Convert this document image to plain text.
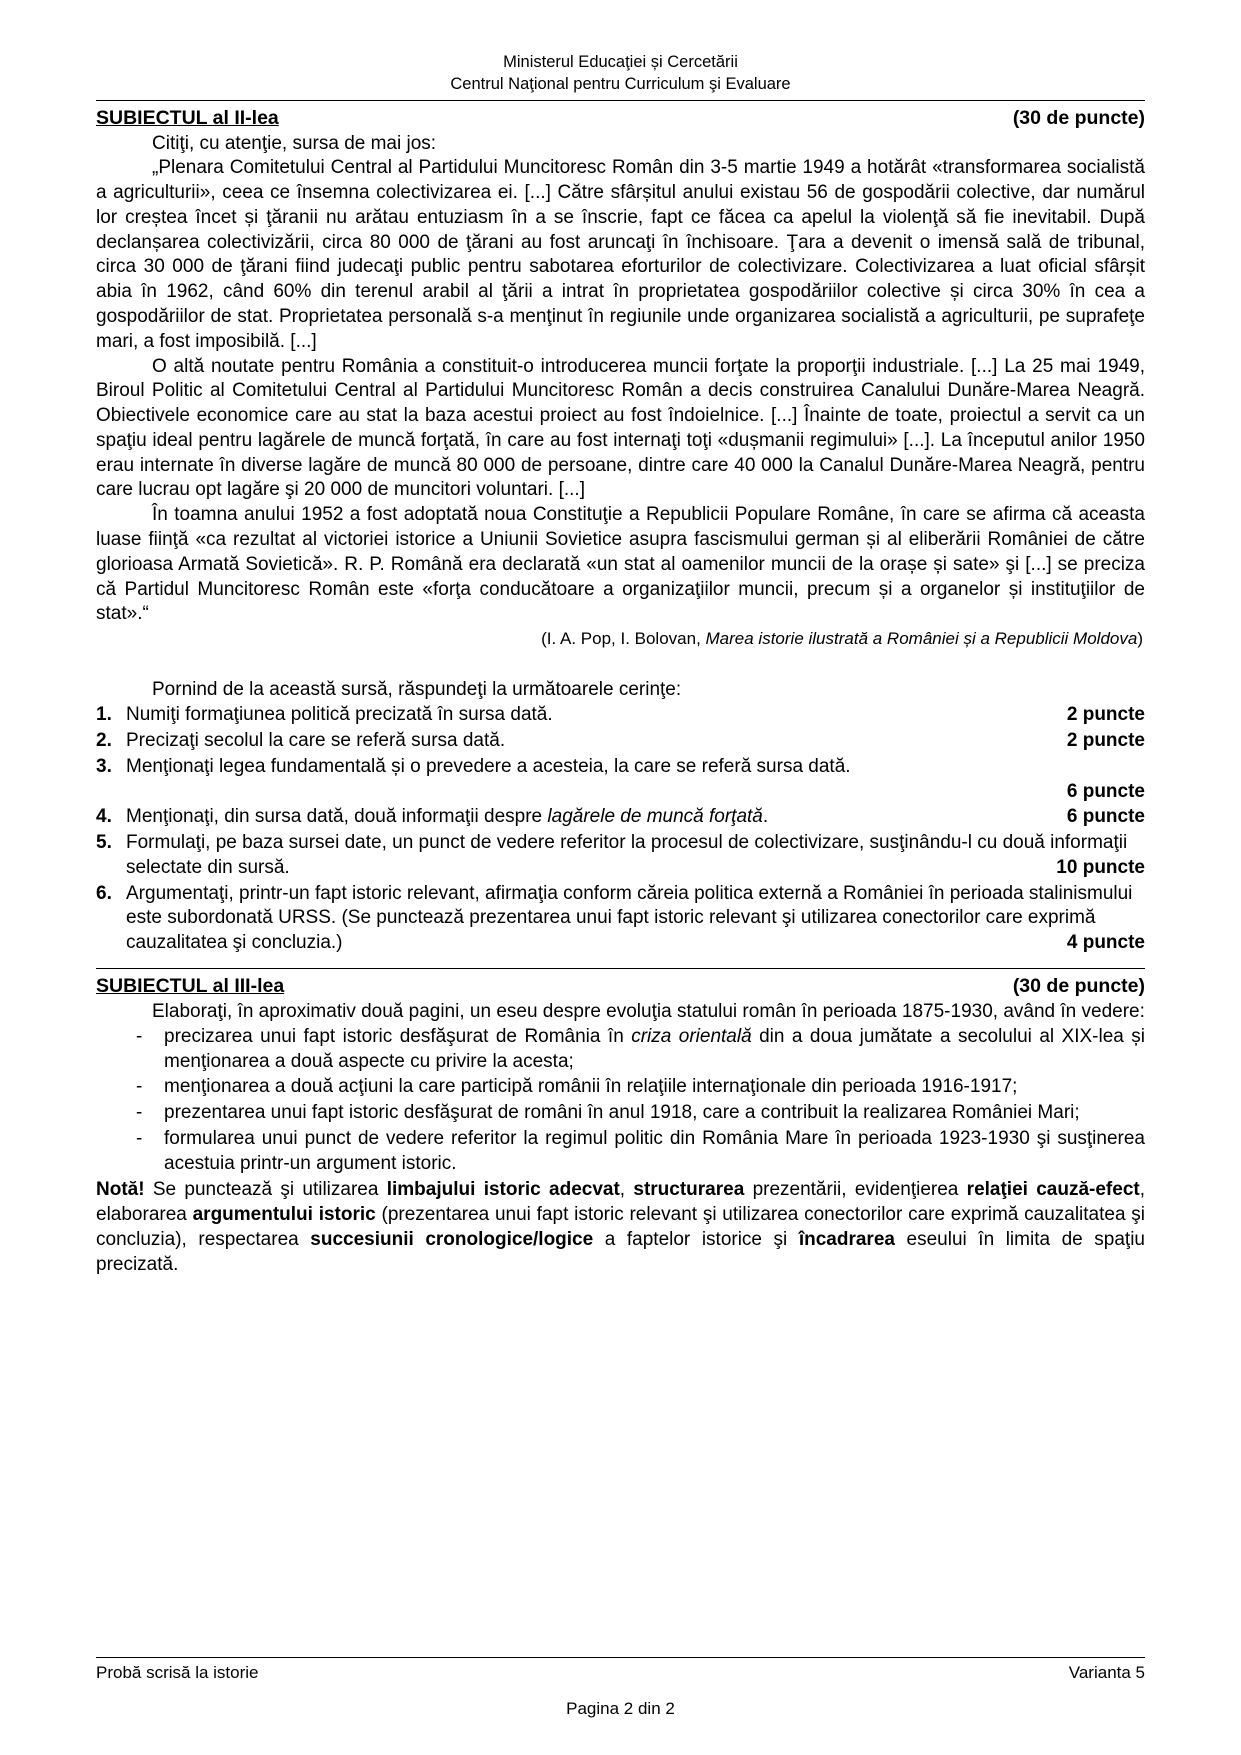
Ministerul Educaţiei și Cercetării
Centrul Naţional pentru Curriculum şi Evaluare
SUBIECTUL al II-lea	(30 de puncte)

Citiţi, cu atenţie, sursa de mai jos:

„Plenara Comitetului Central al Partidului Muncitoresc Român din 3-5 martie 1949 a hotărât «transformarea socialistă a agriculturii», ceea ce însemna colectivizarea ei. [...] Către sfârșitul anului existau 56 de gospodării colective, dar numărul lor creștea încet și ţăranii nu arătau entuziasm în a se înscrie, fapt ce făcea ca apelul la violenţă să fie inevitabil. După declanșarea colectivizării, circa 80 000 de ţărani au fost aruncaţi în închisoare. Ţara a devenit o imensă sală de tribunal, circa 30 000 de ţărani fiind judecaţi public pentru sabotarea eforturilor de colectivizare. Colectivizarea a luat oficial sfârșit abia în 1962, când 60% din terenul arabil al ţării a intrat în proprietatea gospodăriilor colective și circa 30% în cea a gospodăriilor de stat. Proprietatea personală s-a menţinut în regiunile unde organizarea socialistă a agriculturii, pe suprafeţe mari, a fost imposibilă. [...]

O altă noutate pentru România a constituit-o introducerea muncii forţate la proporţii industriale. [...] La 25 mai 1949, Biroul Politic al Comitetului Central al Partidului Muncitoresc Român a decis construirea Canalului Dunăre-Marea Neagră. Obiectivele economice care au stat la baza acestui proiect au fost îndoielnice. [...] Înainte de toate, proiectul a servit ca un spaţiu ideal pentru lagărele de muncă forţată, în care au fost internaţi toţi «dușmanii regimului» [...]. La începutul anilor 1950 erau internate în diverse lagăre de muncă 80 000 de persoane, dintre care 40 000 la Canalul Dunăre-Marea Neagră, pentru care lucrau opt lagăre şi 20 000 de muncitori voluntari. [...]

În toamna anului 1952 a fost adoptată noua Constituţie a Republicii Populare Române, în care se afirma că aceasta luase fiinţă «ca rezultat al victoriei istorice a Uniunii Sovietice asupra fascismului german și al eliberării României de către glorioasa Armată Sovietică». R. P. Română era declarată «un stat al oamenilor muncii de la orașe și sate» şi [...] se preciza că Partidul Muncitoresc Român este «forţa conducătoare a organizaţiilor muncii, precum și a organelor și instituţiilor de stat».“

(I. A. Pop, I. Bolovan, Marea istorie ilustrată a României și a Republicii Moldova)

Pornind de la această sursă, răspundeţi la următoarele cerinţe:

1. Numiţi formaţiunea politică precizată în sursa dată.	2 puncte
2. Precizaţi secolul la care se referă sursa dată.	2 puncte
3. Menţionaţi legea fundamentală și o prevedere a acesteia, la care se referă sursa dată.
6 puncte
4. Menţionaţi, din sursa dată, două informaţii despre lagărele de muncă forţată.	6 puncte
5. Formulaţi, pe baza sursei date, un punct de vedere referitor la procesul de colectivizare, susţinându-l cu două informaţii selectate din sursă.	10 puncte
6. Argumentaţi, printr-un fapt istoric relevant, afirmaţia conform căreia politica externă a României în perioada stalinismului este subordonată URSS. (Se punctează prezentarea unui fapt istoric relevant şi utilizarea conectorilor care exprimă cauzalitatea şi concluzia.)	4 puncte
SUBIECTUL al III-lea	(30 de puncte)

Elaboraţi, în aproximativ două pagini, un eseu despre evoluţia statului român în perioada 1875-1930, având în vedere:

-	precizarea unui fapt istoric desfăşurat de România în criza orientală din a doua jumătate a secolului al XIX-lea și menţionarea a două aspecte cu privire la acesta;
-	menţionarea a două acţiuni la care participă românii în relaţiile internaţionale din perioada 1916-1917;
-	prezentarea unui fapt istoric desfăşurat de români în anul 1918, care a contribuit la realizarea României Mari;
-	formularea unui punct de vedere referitor la regimul politic din România Mare în perioada 1923-1930 şi susţinerea acestuia printr-un argument istoric.

Notă! Se punctează şi utilizarea limbajului istoric adecvat, structurarea prezentării, evidenţierea relaţiei cauză-efect, elaborarea argumentului istoric (prezentarea unui fapt istoric relevant şi utilizarea conectorilor care exprimă cauzalitatea şi concluzia), respectarea succesiunii cronologice/logice a faptelor istorice şi încadrarea eseului în limita de spaţiu precizată.

Probă scrisă la istorie	Varianta 5
Pagina 2 din 2
